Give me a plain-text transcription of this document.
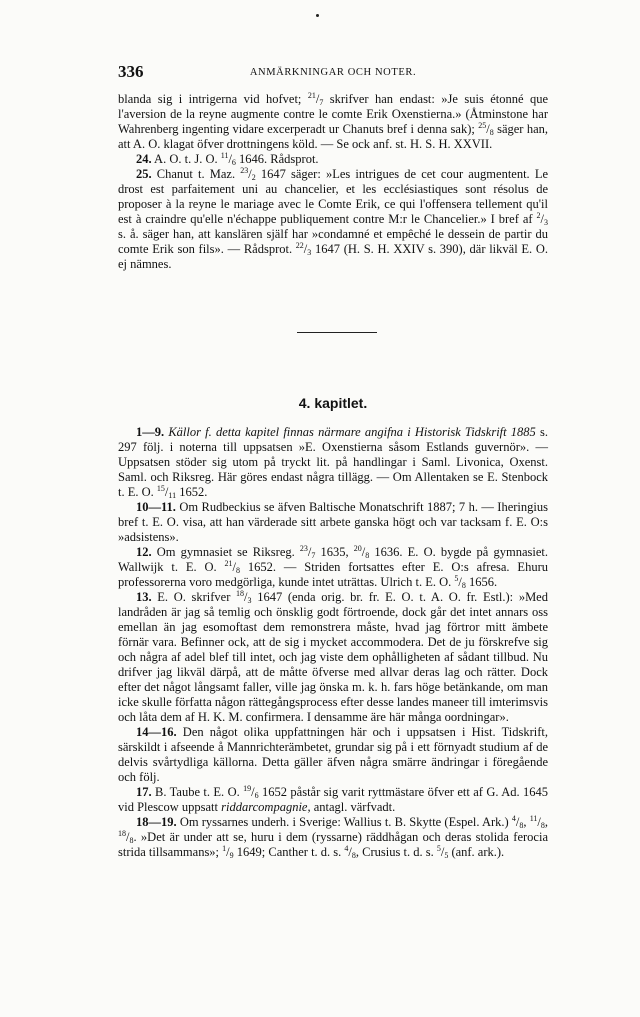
336	ANMÄRKNINGAR OCH NOTER.

blanda sig i intrigerna vid hofvet; $^{21}/_7$ skrifver han endast: »Je suis étonné que l'aversion de la reyne augmente contre le comte Erik Oxenstierna.» (Åtminstone har Wahrenberg ingenting vidare excerperadt ur Chanuts bref i denna sak); $^{25}/_8$ säger han, att A. O. klagat öfver drottningens köld. — Se ock anf. st. H. S. H. XXVII.

24. A. O. t. J. O. $^{11}/_6$ 1646. Rådsprot.

25. Chanut t. Maz. $^{23}/_2$ 1647 säger: »Les intrigues de cet cour augmentent. Le drost est parfaitement uni au chancelier, et les ecclésiastiques sont résolus de proposer à la reyne le mariage avec le Comte Erik, ce qui l'offensera tellement qu'il est à craindre qu'elle n'échappe publiquement contre M:r le Chancelier.» I bref af $^2/_3$ s. å. säger han, att kanslären själf har »condamné et empêché le dessein de partir du comte Erik son fils». — Rådsprot. $^{22}/_3$ 1647 (H. S. H. XXIV s. 390), där likväl E. O. ej nämnes.

4. kapitlet.

1—9. Källor f. detta kapitel finnas närmare angifna i Historisk Tidskrift 1885 s. 297 följ. i noterna till uppsatsen »E. Oxenstierna såsom Estlands guvernör». — Uppsatsen stöder sig utom på tryckt lit. på handlingar i Saml. Livonica, Oxenst. Saml. och Riksreg. Här göres endast några tillägg. — Om Allentaken se E. Stenbock t. E. O. $^{15}/_{11}$ 1652.

10—11. Om Rudbeckius se äfven Baltische Monatschrift 1887; 7 h. — Iheringius bref t. E. O. visa, att han värderade sitt arbete ganska högt och var tacksam f. E. O:s »adsistens».

12. Om gymnasiet se Riksreg. $^{23}/_7$ 1635, $^{20}/_8$ 1636. E. O. bygde på gymnasiet. Wallwijk t. E. O. $^{21}/_8$ 1652. — Striden fortsattes efter E. O:s afresa. Ehuru professorerna voro medgörliga, kunde intet uträttas. Ulrich t. E. O. $^5/_8$ 1656.

13. E. O. skrifver $^{18}/_3$ 1647 (enda orig. br. fr. E. O. t. A. O. fr. Estl.): »Med landråden är jag så temlig och önsklig godt förtroende, dock går det intet annars oss emellan än jag esomoftast dem remonstrera måste, hvad jag förtror mitt ämbete förnär vara. Befinner ock, att de sig i mycket accommodera. Det de ju förskrefve sig och några af adel blef till intet, och jag viste dem ophålligheten af sådant tillbud. Nu drifver jag likväl därpå, att de måtte öfverse med allvar deras lag och rätter. Dock efter det något långsamt faller, ville jag önska m. k. h. fars höge betänkande, om man icke skulle författa någon rättegångsprocess efter desse landes maneer till imterimsvis och låta dem af H. K. M. confirmera. I densamme äre här många oordningar».

14—16. Den något olika uppfattningen här och i uppsatsen i Hist. Tidskrift, särskildt i afseende å Mannrichterämbetet, grundar sig på i ett förnyadt studium af de delvis svårtydliga källorna. Detta gäller äfven några smärre ändringar i föregående och följ.

17. B. Taube t. E. O. $^{19}/_6$ 1652 påstår sig varit ryttmästare öfver ett af G. Ad. 1645 vid Plescow uppsatt riddarcompagnie, antagl. värfvadt.

18—19. Om ryssarnes underh. i Sverige: Wallius t. B. Skytte (Espel. Ark.) $^4/_8$, $^{11}/_8$, $^{18}/_8$. »Det är under att se, huru i dem (ryssarne) räddhågan och deras stolida ferocia strida tillsammans»; $^1/_9$ 1649; Canther t. d. s. $^4/_8$, Crusius t. d. s. $^5/_5$ (anf. ark.).
